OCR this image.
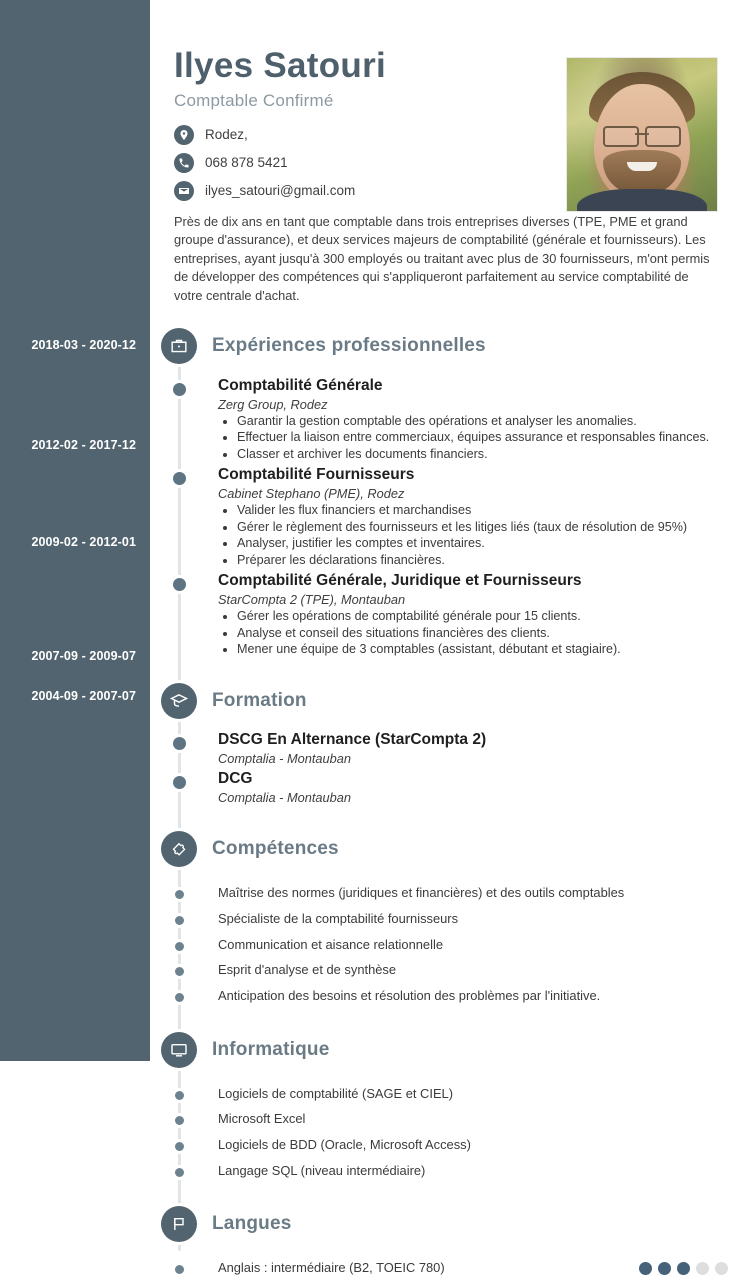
2018-03 - 2020-12
2012-02 - 2017-12
2009-02 - 2012-01
2007-09 - 2009-07
2004-09 - 2007-07
Ilyes Satouri
Comptable Confirmé
Rodez,
068 878 5421
ilyes_satouri@gmail.com

Près de dix ans en tant que comptable dans trois entreprises diverses (TPE, PME et grand groupe d'assurance), et deux services majeurs de comptabilité (générale et fournisseurs). Les entreprises, ayant jusqu'à 300 employés ou traitant avec plus de 30 fournisseurs, m'ont permis de développer des compétences qui s'appliqueront parfaitement au service comptabilité de votre centrale d'achat.

Expériences professionnelles
Comptabilité Générale
Zerg Group, Rodez
• Garantir la gestion comptable des opérations et analyser les anomalies.
• Effectuer la liaison entre commerciaux, équipes assurance et responsables finances.
• Classer et archiver les documents financiers.
Comptabilité Fournisseurs
Cabinet Stephano (PME), Rodez
• Valider les flux financiers et marchandises
• Gérer le règlement des fournisseurs et les litiges liés (taux de résolution de 95%)
• Analyser, justifier les comptes et inventaires.
• Préparer les déclarations financières.
Comptabilité Générale, Juridique et Fournisseurs
StarCompta 2 (TPE), Montauban
• Gérer les opérations de comptabilité générale pour 15 clients.
• Analyse et conseil des situations financières des clients.
• Mener une équipe de 3 comptables (assistant, débutant et stagiaire).
Formation
DSCG En Alternance (StarCompta 2)
Comptalia - Montauban
DCG
Comptalia - Montauban
Compétences
Maîtrise des normes (juridiques et financières) et des outils comptables
Spécialiste de la comptabilité fournisseurs
Communication et aisance relationnelle
Esprit d'analyse et de synthèse
Anticipation des besoins et résolution des problèmes par l'initiative.
Informatique
Logiciels de comptabilité (SAGE et CIEL)
Microsoft Excel
Logiciels de BDD (Oracle, Microsoft Access)
Langage SQL (niveau intermédiaire)
Langues
Anglais : intermédiaire (B2, TOEIC 780)
